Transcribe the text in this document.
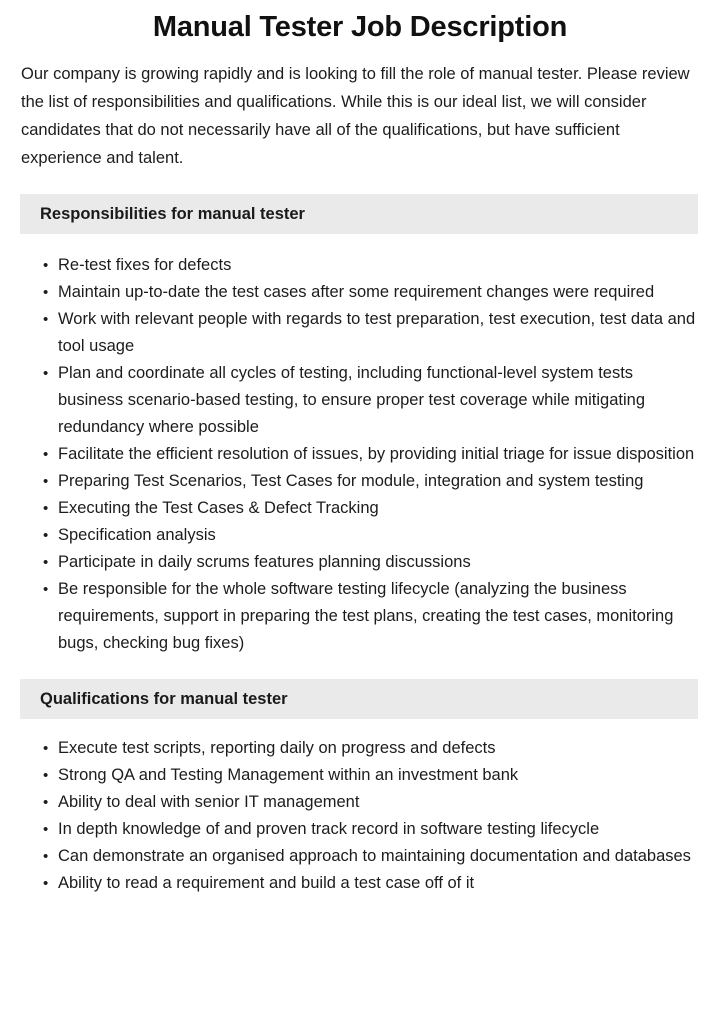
Manual Tester Job Description

Our company is growing rapidly and is looking to fill the role of manual tester. Please review the list of responsibilities and qualifications. While this is our ideal list, we will consider candidates that do not necessarily have all of the qualifications, but have sufficient experience and talent.

Responsibilities for manual tester
• Re-test fixes for defects
• Maintain up-to-date the test cases after some requirement changes were required
• Work with relevant people with regards to test preparation, test execution, test data and tool usage
• Plan and coordinate all cycles of testing, including functional-level system tests business scenario-based testing, to ensure proper test coverage while mitigating redundancy where possible
• Facilitate the efficient resolution of issues, by providing initial triage for issue disposition
• Preparing Test Scenarios, Test Cases for module, integration and system testing
• Executing the Test Cases & Defect Tracking
• Specification analysis
• Participate in daily scrums features planning discussions
• Be responsible for the whole software testing lifecycle (analyzing the business requirements, support in preparing the test plans, creating the test cases, monitoring bugs, checking bug fixes)
Qualifications for manual tester
• Execute test scripts, reporting daily on progress and defects
• Strong QA and Testing Management within an investment bank
• Ability to deal with senior IT management
• In depth knowledge of and proven track record in software testing lifecycle
• Can demonstrate an organised approach to maintaining documentation and databases
• Ability to read a requirement and build a test case off of it
